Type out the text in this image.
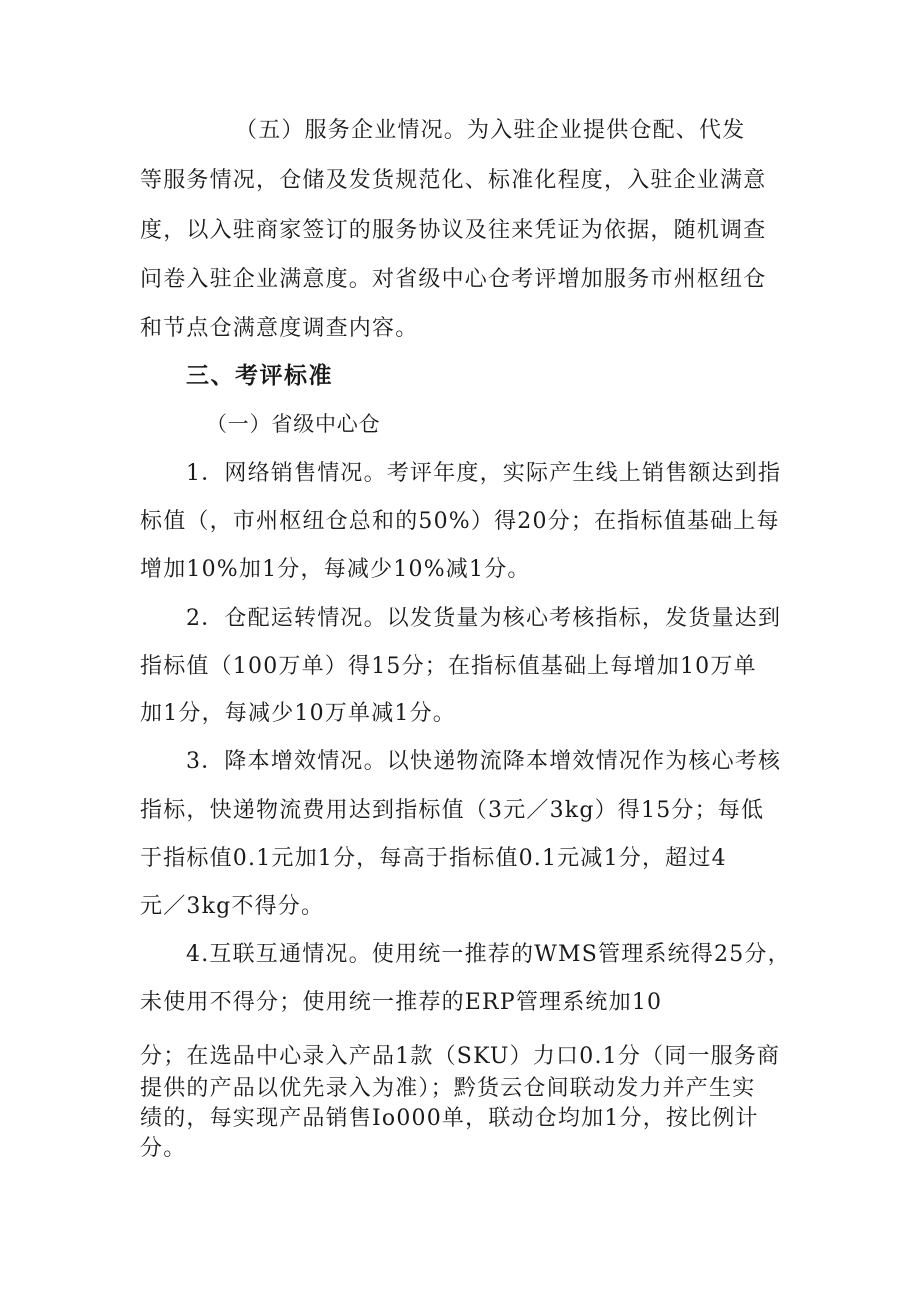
（五）服务企业情况。为入驻企业提供仓配、代发
等服务情况，仓储及发货规范化、标准化程度，入驻企业满意
度，以入驻商家签订的服务协议及往来凭证为依据，随机调查
问卷入驻企业满意度。对省级中心仓考评增加服务市州枢纽仓
和节点仓满意度调查内容。
三、考评标准
（一）省级中心仓
1．网络销售情况。考评年度，实际产生线上销售额达到指
标值（，市州枢纽仓总和的50%）得20分；在指标值基础上每
增加10%加1分，每减少10%减1分。
2．仓配运转情况。以发货量为核心考核指标，发货量达到
指标值（100万单）得15分；在指标值基础上每增加10万单
加1分，每减少10万单减1分。
3．降本增效情况。以快递物流降本增效情况作为核心考核
指标，快递物流费用达到指标值（3元／3kg）得15分；每低
于指标值0.1元加1分，每高于指标值0.1元减1分，超过4
元／3kg不得分。
4.互联互通情况。使用统一推荐的WMS管理系统得25分，
未使用不得分；使用统一推荐的ERP管理系统加10
分；在选品中心录入产品1款（SKU）力口0.1分（同一服务商
提供的产品以优先录入为准）；黔货云仓间联动发力并产生实
绩的，每实现产品销售Io000单，联动仓均加1分，按比例计
分。
